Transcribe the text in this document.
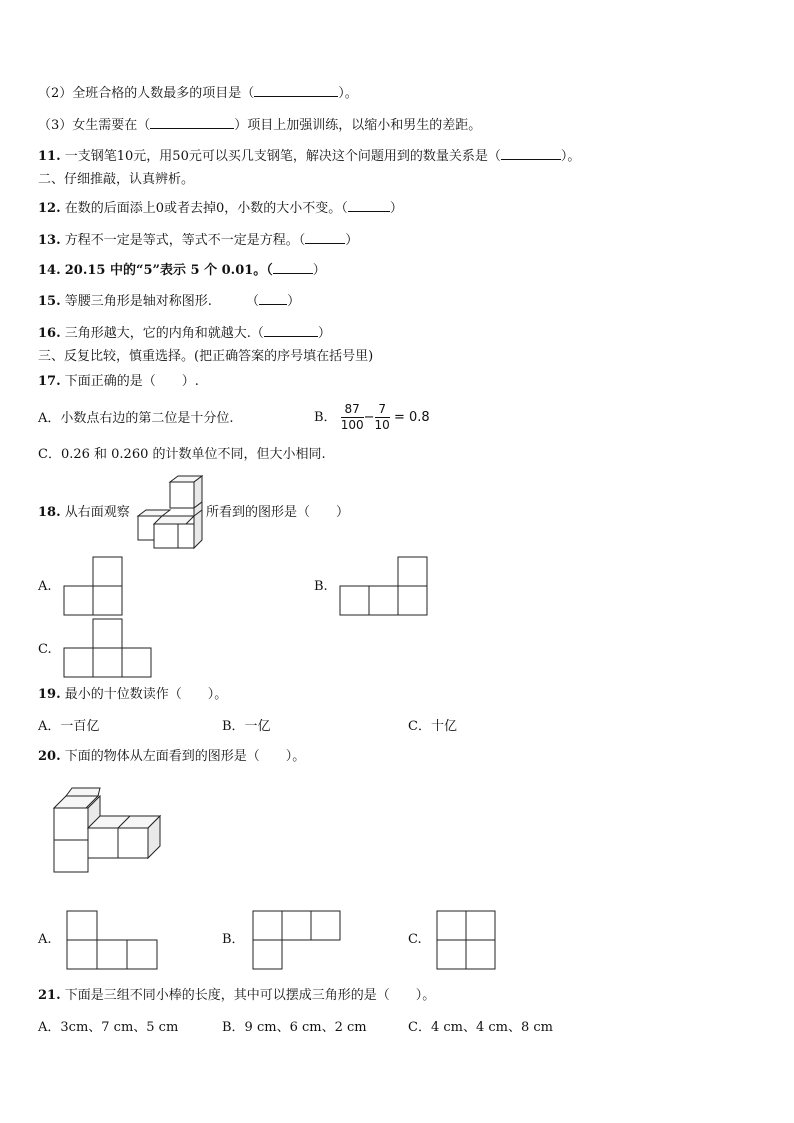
（2）全班合格的人数最多的项目是（	）。
（3）女生需要在（	）项目上加强训练，以缩小和男生的差距。
11. 一支钢笔10元，用50元可以买几支钢笔，解决这个问题用到的数量关系是（	）。
二、仔细推敲，认真辨析。
12. 在数的后面添上0或者去掉0，小数的大小不变。（	）
13. 方程不一定是等式，等式不一定是方程。（	）
14. 20.15 中的“5”表示 5 个 0.01。（	）
15. 等腰三角形是轴对称图形.	（ ）
16. 三角形越大，它的内角和就越大.（	）
三、反复比较，慎重选择。(把正确答案的序号填在括号里)
17. 下面正确的是（　　）.
A．小数点右边的第二位是十分位.	B． $\frac{87}{100} - \frac{7}{10} = 0.8$
C．0.26 和 0.260 的计数单位不同，但大小相同.
18. 从右面观察	所看到的图形是（　　）
A.	B.
C.
19. 最小的十位数读作（　　）。
A．一百亿	B．一亿	C．十亿
20. 下面的物体从左面看到的图形是（　　）。
A.	B．	C.
21. 下面是三组不同小棒的长度，其中可以摆成三角形的是（　　）。
A．3cm、7 cm、5 cm	B．9 cm、6 cm、2 cm	C．4 cm、4 cm、8 cm
